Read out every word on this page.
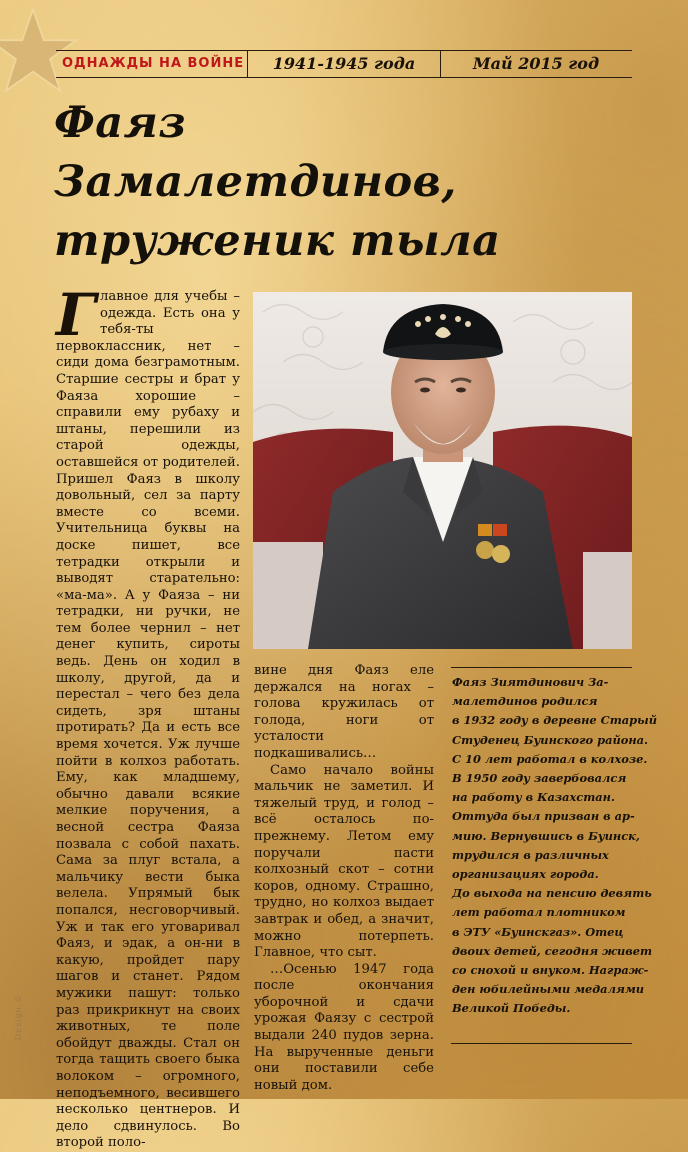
ОДНАЖДЫ НА ВОЙНЕ	1941-1945 года	Май 2015 год
Фаяз
Замалетдинов,
труженик тыла

Главное для учебы – одежда. Есть она у тебя-ты первоклассник, нет – сиди дома безграмотным. Старшие сестры и брат у Фаяза хорошие – справили ему рубаху и штаны, перешили из старой одежды, оставшейся от родителей. Пришел Фаяз в школу довольный, сел за парту вместе со всеми. Учительница буквы на доске пишет, все тетрадки открыли и выводят старательно: «ма-ма». А у Фаяза – ни тетрадки, ни ручки, не тем более чернил – нет денег купить, сироты ведь. День он ходил в школу, другой, да и перестал – чего без дела сидеть, зря штаны протирать? Да и есть все время хочется. Уж лучше пойти в колхоз работать. Ему, как младшему, обычно давали всякие мелкие поручения, а весной сестра Фаяза позвала с собой пахать. Сама за плуг встала, а мальчику вести быка велела. Упрямый бык попался, несговорчивый. Уж и так его уговаривал Фаяз, и эдак, а он-ни в какую, пройдет пару шагов и станет. Рядом мужики пашут: только раз прикрикнут на своих животных, те поле обойдут дважды. Стал он тогда тащить своего быка волоком – огромного, неподъемного, весившего несколько центнеров. И дело сдвинулось. Во второй поло-

вине дня Фаяз еле держался на ногах – голова кружилась от голода, ноги от усталости подкашивались…

Само начало войны мальчик не заметил. И тяжелый труд, и голод – всё осталось по-прежнему. Летом ему поручали пасти колхозный скот – сотни коров, одному. Страшно, трудно, но колхоз выдает завтрак и обед, а значит, можно потерпеть. Главное, что сыт.

…Осенью 1947 года после окончания уборочной и сдачи урожая Фаязу с сестрой выдали 240 пудов зерна. На вырученные деньги они поставили себе новый дом.

Фаяз Зиятдинович За-
малетдинов родился
в 1932 году в деревне Старый
Студенец Буинского района.
С 10 лет работал в колхозе.
В 1950 году завербовался
на работу в Казахстан.
Оттуда был призван в ар-
мию. Вернувшись в Буинск,
трудился в различных
организациях города.
До выхода на пенсию девять
лет работал плотником
в ЭТУ «Буинскгаз». Отец
двоих детей, сегодня живет
со снохой и внуком. Награж-
ден юбилейными медалями
Великой Победы.
Design ©
